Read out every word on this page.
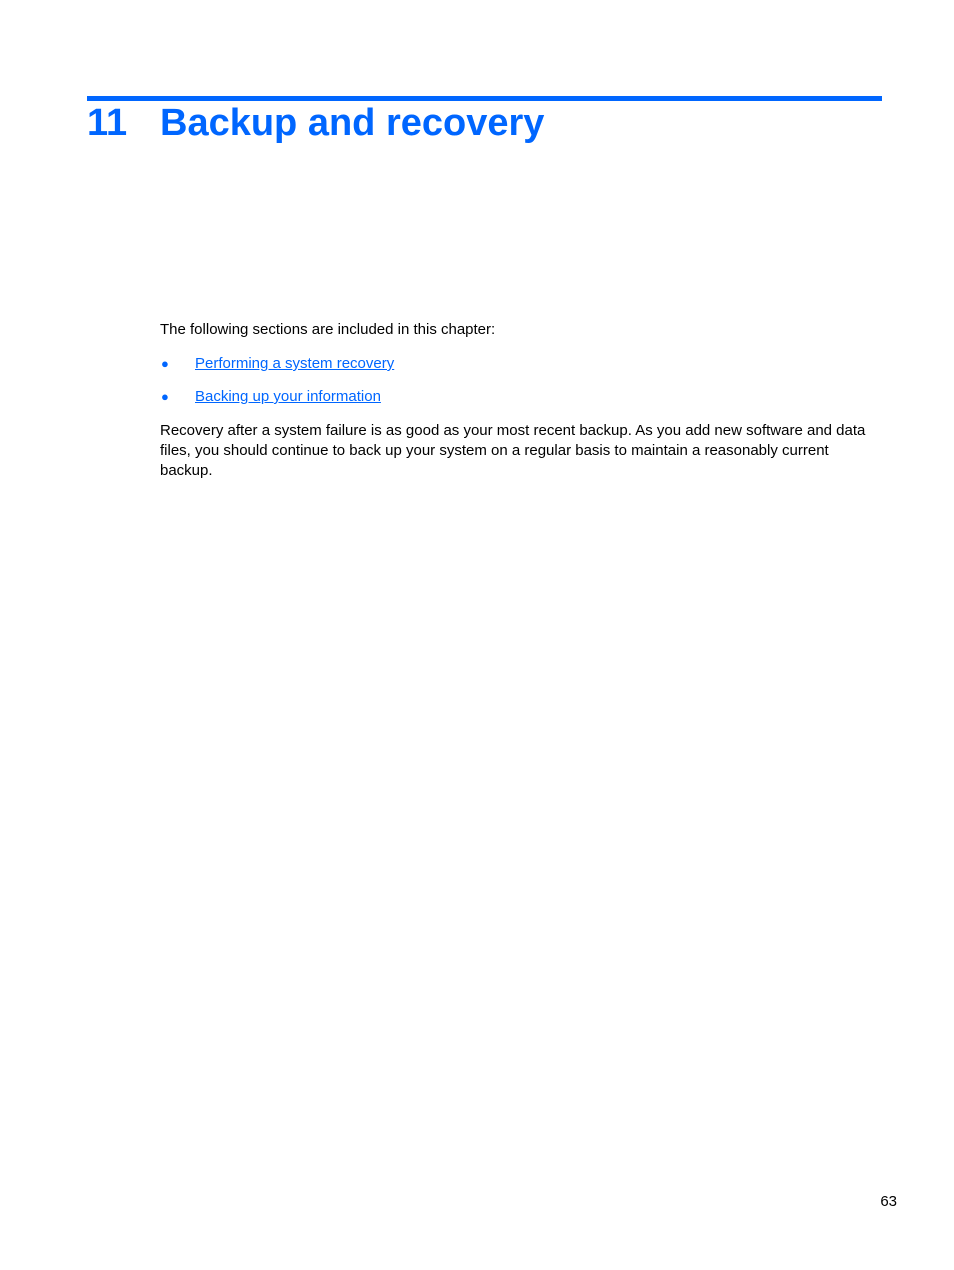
11 Backup and recovery

The following sections are included in this chapter:

● Performing a system recovery
● Backing up your information

Recovery after a system failure is as good as your most recent backup. As you add new software and data files, you should continue to back up your system on a regular basis to maintain a reasonably current backup.

63
